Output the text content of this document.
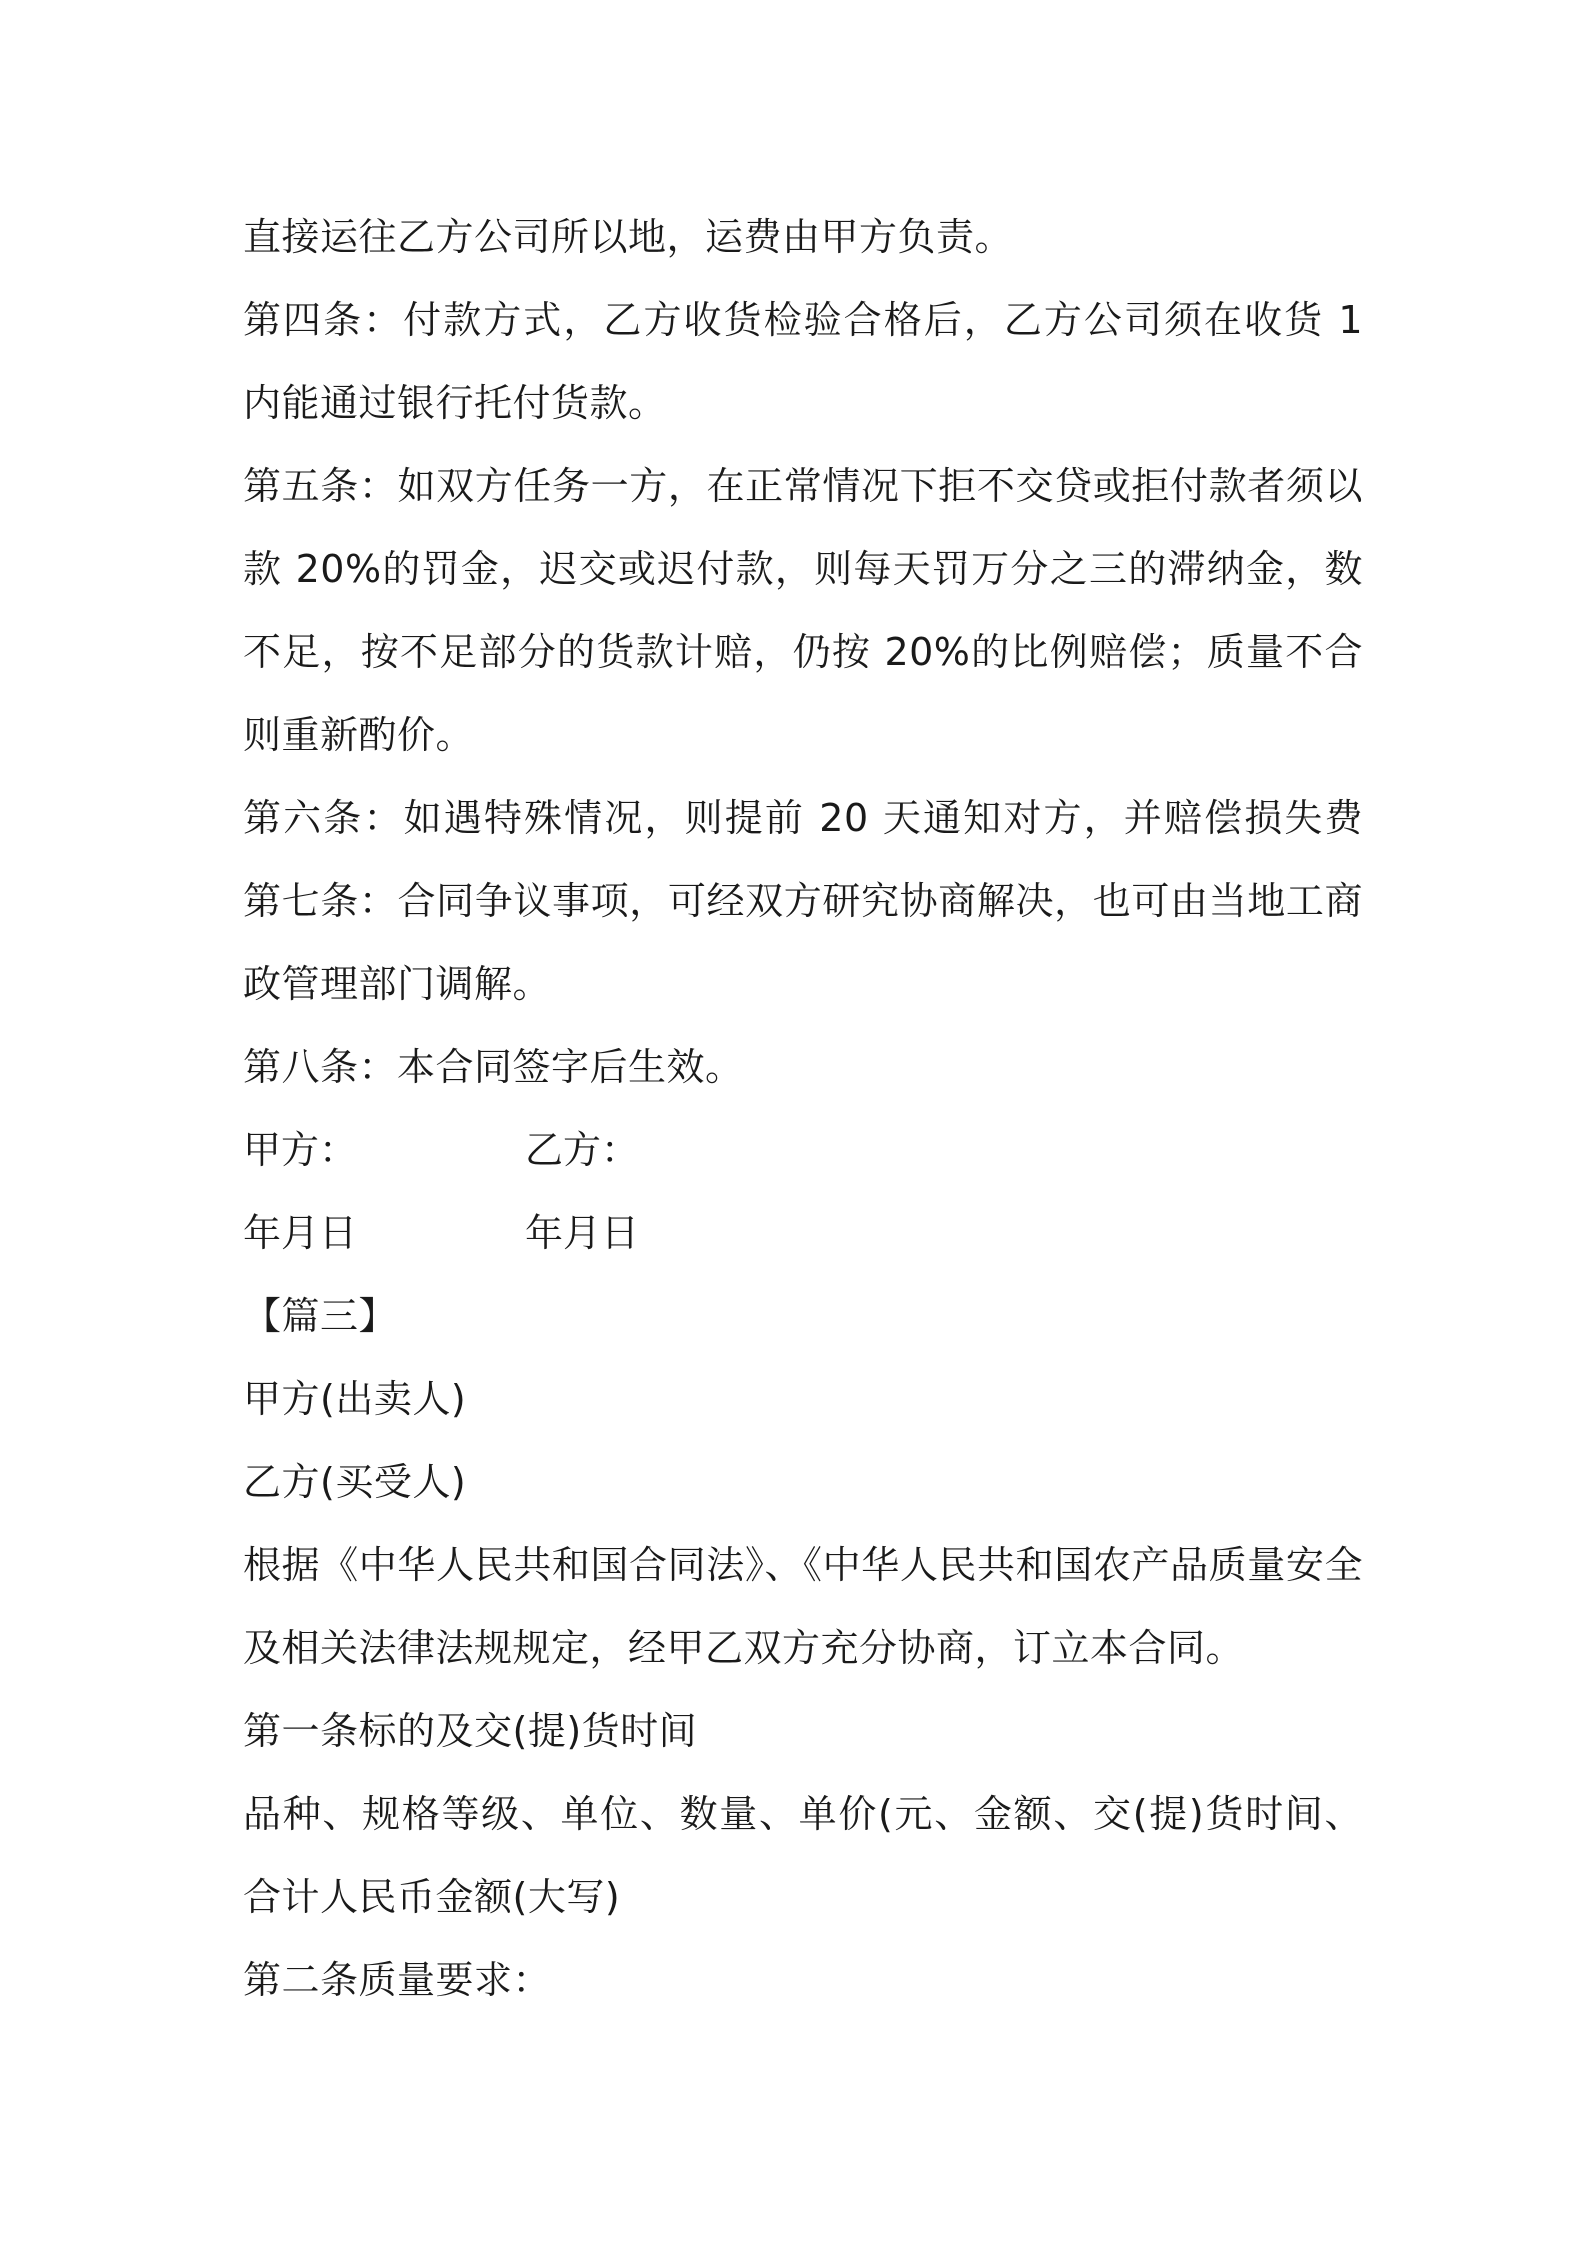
直接运往乙方公司所以地，运费由甲方负责。
第四条：付款方式，乙方收货检验合格后，乙方公司须在收货 1
内能通过银行托付货款。
第五条：如双方任务一方，在正常情况下拒不交贷或拒付款者须以
款 20%的罚金，迟交或迟付款，则每天罚万分之三的滞纳金，数
不足，按不足部分的货款计赔，仍按 20%的比例赔偿；质量不合
则重新酌价。
第六条：如遇特殊情况，则提前 20 天通知对方，并赔偿损失费
第七条：合同争议事项，可经双方研究协商解决，也可由当地工商
政管理部门调解。
第八条：本合同签字后生效。
甲方：	乙方：
年月日	年月日
【篇三】
甲方(出卖人)
乙方(买受人)
根据《中华人民共和国合同法》、《中华人民共和国农产品质量安全
及相关法律法规规定，经甲乙双方充分协商，订立本合同。
第一条标的及交(提)货时间
品种、规格等级、单位、数量、单价(元、金额、交(提)货时间、
合计人民币金额(大写)
第二条质量要求：
